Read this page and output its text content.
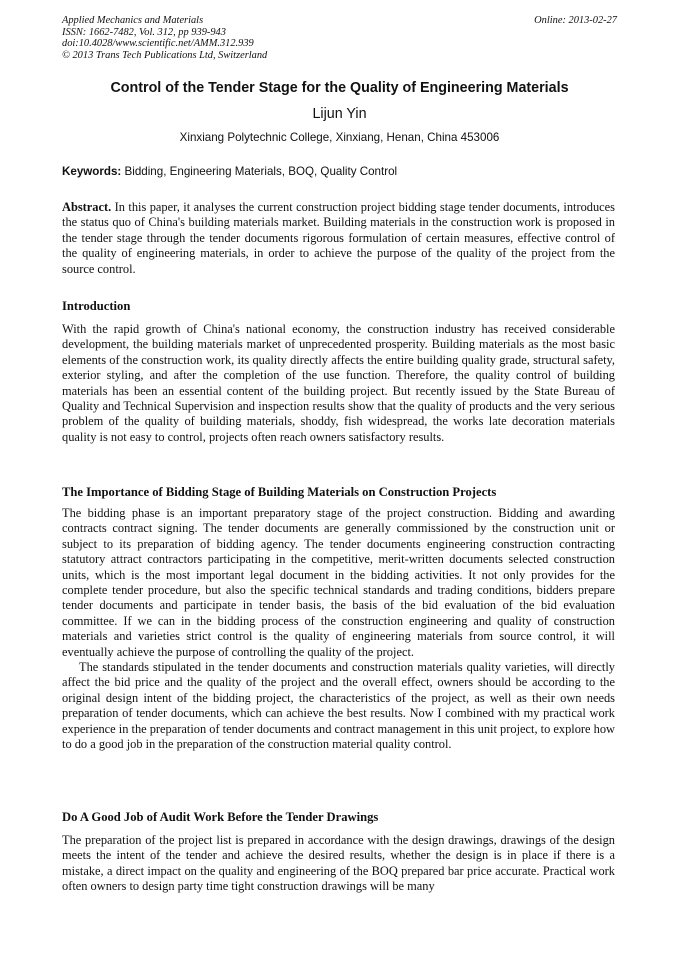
Applied Mechanics and Materials
ISSN: 1662-7482, Vol. 312, pp 939-943
doi:10.4028/www.scientific.net/AMM.312.939
© 2013 Trans Tech Publications Ltd, Switzerland
Online: 2013-02-27
Control of the Tender Stage for the Quality of Engineering Materials
Lijun Yin
Xinxiang Polytechnic College, Xinxiang, Henan, China 453006
Keywords: Bidding, Engineering Materials, BOQ, Quality Control

Abstract. In this paper, it analyses the current construction project bidding stage tender documents, introduces the status quo of China's building materials market. Building materials in the construction work is proposed in the tender stage through the tender documents rigorous formulation of certain measures, effective control of the quality of engineering materials, in order to achieve the purpose of the quality of the project from the source control.

Introduction

With the rapid growth of China's national economy, the construction industry has received considerable development, the building materials market of unprecedented prosperity. Building materials as the most basic elements of the construction work, its quality directly affects the entire building quality grade, structural safety, exterior styling, and after the completion of the use function. Therefore, the quality control of building materials has been an essential content of the building project. But recently issued by the State Bureau of Quality and Technical Supervision and inspection results show that the quality of products and the very serious problem of the quality of building materials, shoddy, fish widespread, the works late decoration materials quality is not easy to control, projects often reach owners satisfactory results.

The Importance of Bidding Stage of Building Materials on Construction Projects

The bidding phase is an important preparatory stage of the project construction. Bidding and awarding contracts contract signing. The tender documents are generally commissioned by the construction unit or subject to its preparation of bidding agency. The tender documents engineering construction contracting statutory attract contractors participating in the competitive, merit-written documents selected construction units, which is the most important legal document in the bidding activities. It not only provides for the complete tender procedure, but also the specific technical standards and trading conditions, bidders prepare tender documents and participate in tender basis, the basis of the bid evaluation of the bid evaluation committee. If we can in the bidding process of the construction engineering and quality of construction materials and varieties strict control is the quality of engineering materials from source control, it will eventually achieve the purpose of controlling the quality of the project.

The standards stipulated in the tender documents and construction materials quality varieties, will directly affect the bid price and the quality of the project and the overall effect, owners should be according to the original design intent of the bidding project, the characteristics of the project, as well as their own needs preparation of tender documents, which can achieve the best results. Now I combined with my practical work experience in the preparation of tender documents and contract management in this unit project, to explore how to do a good job in the preparation of the construction material quality control.

Do A Good Job of Audit Work Before the Tender Drawings

The preparation of the project list is prepared in accordance with the design drawings, drawings of the design meets the intent of the tender and achieve the desired results, whether the design is in place if there is a mistake, a direct impact on the quality and engineering of the BOQ prepared bar price accurate. Practical work often owners to design party time tight construction drawings will be many
